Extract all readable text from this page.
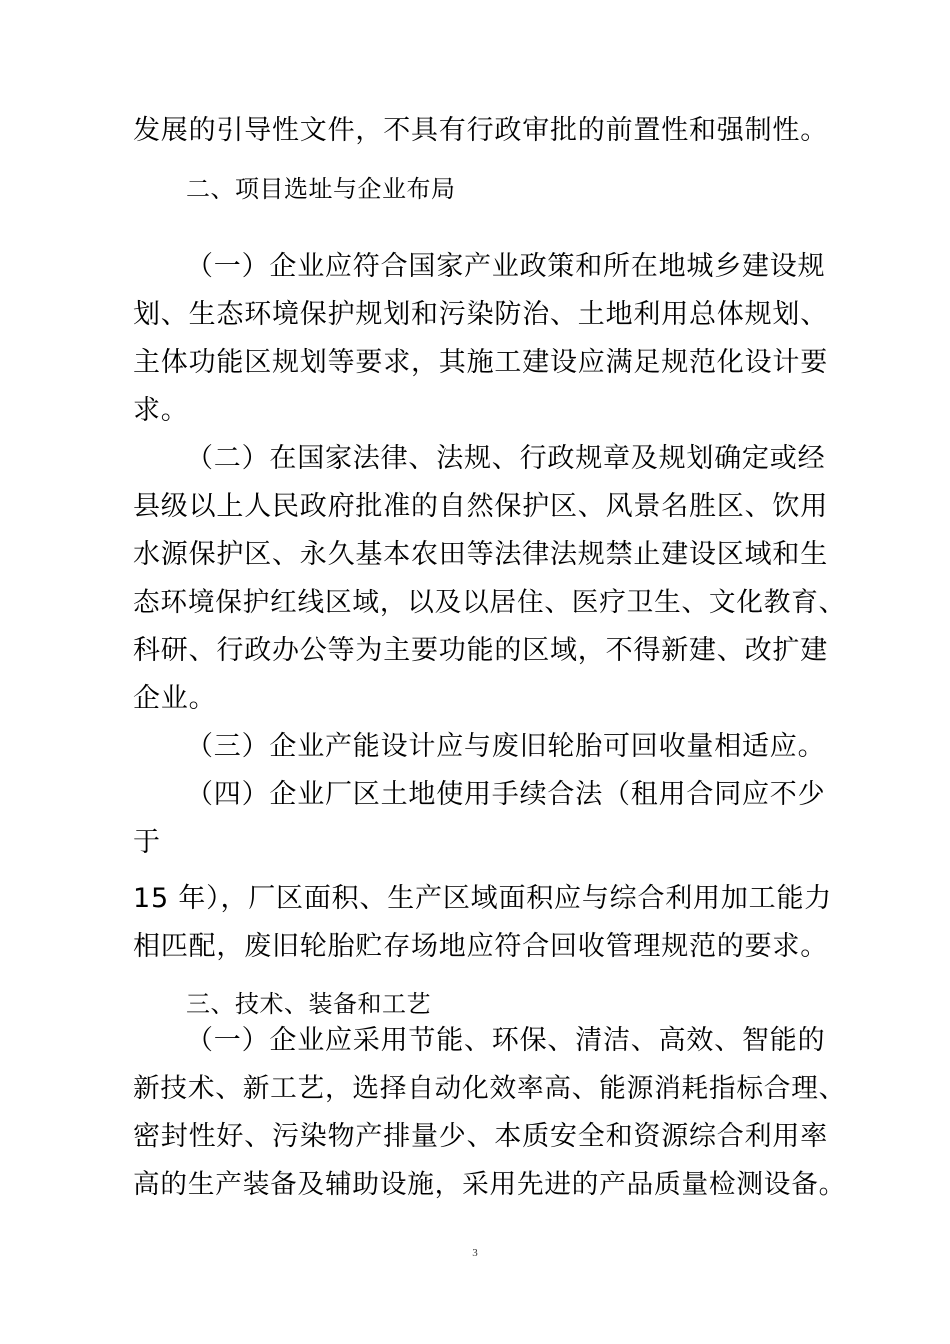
发展的引导性文件，不具有行政审批的前置性和强制性。

二、项目选址与企业布局

（一）企业应符合国家产业政策和所在地城乡建设规

划、生态环境保护规划和污染防治、土地利用总体规划、

主体功能区规划等要求，其施工建设应满足规范化设计要

求。

（二）在国家法律、法规、行政规章及规划确定或经

县级以上人民政府批准的自然保护区、风景名胜区、饮用

水源保护区、永久基本农田等法律法规禁止建设区域和生

态环境保护红线区域，以及以居住、医疗卫生、文化教育、

科研、行政办公等为主要功能的区域，不得新建、改扩建

企业。

（三）企业产能设计应与废旧轮胎可回收量相适应。

（四）企业厂区土地使用手续合法（租用合同应不少

于

15 年），厂区面积、生产区域面积应与综合利用加工能力

相匹配，废旧轮胎贮存场地应符合回收管理规范的要求。

三、技术、装备和工艺

（一）企业应采用节能、环保、清洁、高效、智能的

新技术、新工艺，选择自动化效率高、能源消耗指标合理、

密封性好、污染物产排量少、本质安全和资源综合利用率

高的生产装备及辅助设施，采用先进的产品质量检测设备。

3
